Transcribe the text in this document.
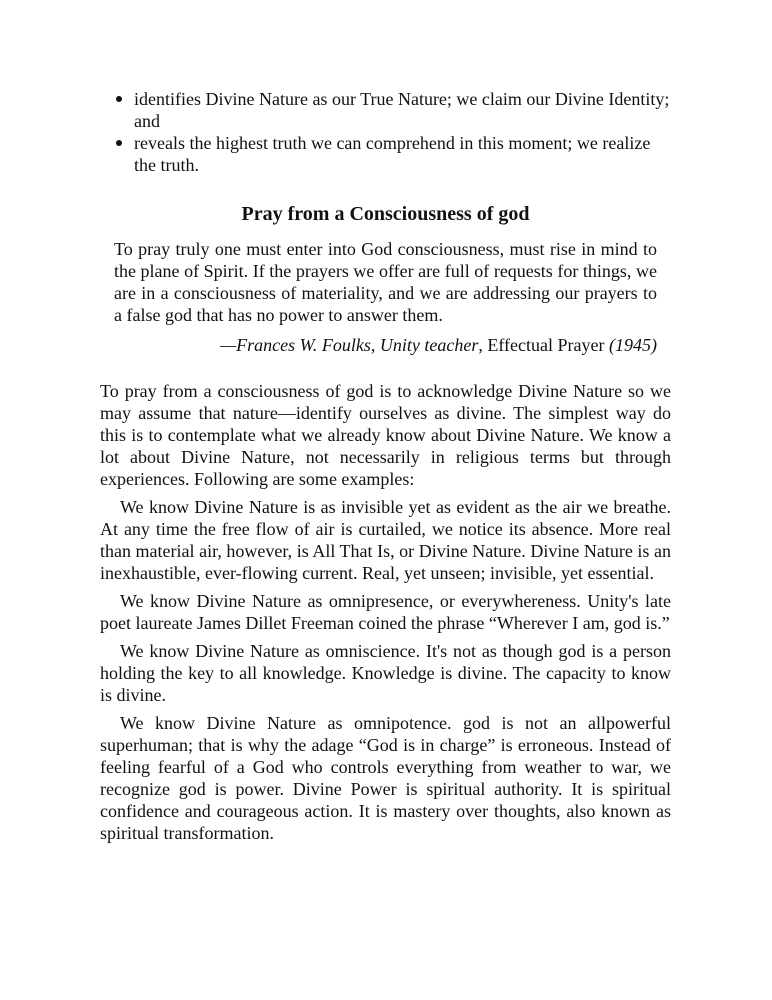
identifies Divine Nature as our True Nature; we claim our Divine Identity; and
reveals the highest truth we can comprehend in this moment; we realize the truth.
Pray from a Consciousness of god
To pray truly one must enter into God consciousness, must rise in mind to the plane of Spirit. If the prayers we offer are full of requests for things, we are in a consciousness of materiality, and we are addressing our prayers to a false god that has no power to answer them.
—Frances W. Foulks, Unity teacher, Effectual Prayer (1945)

To pray from a consciousness of god is to acknowledge Divine Nature so we may assume that nature—identify ourselves as divine. The simplest way do this is to contemplate what we already know about Divine Nature. We know a lot about Divine Nature, not necessarily in religious terms but through experiences. Following are some examples:

We know Divine Nature is as invisible yet as evident as the air we breathe. At any time the free flow of air is curtailed, we notice its absence. More real than material air, however, is All That Is, or Divine Nature. Divine Nature is an inexhaustible, ever-flowing current. Real, yet unseen; invisible, yet essential.

We know Divine Nature as omnipresence, or everywhereness. Unity's late poet laureate James Dillet Freeman coined the phrase “Wherever I am, god is.”

We know Divine Nature as omniscience. It's not as though god is a person holding the key to all knowledge. Knowledge is divine. The capacity to know is divine.

We know Divine Nature as omnipotence. god is not an allpowerful superhuman; that is why the adage “God is in charge” is erroneous. Instead of feeling fearful of a God who controls everything from weather to war, we recognize god is power. Divine Power is spiritual authority. It is spiritual confidence and courageous action. It is mastery over thoughts, also known as spiritual transformation.
